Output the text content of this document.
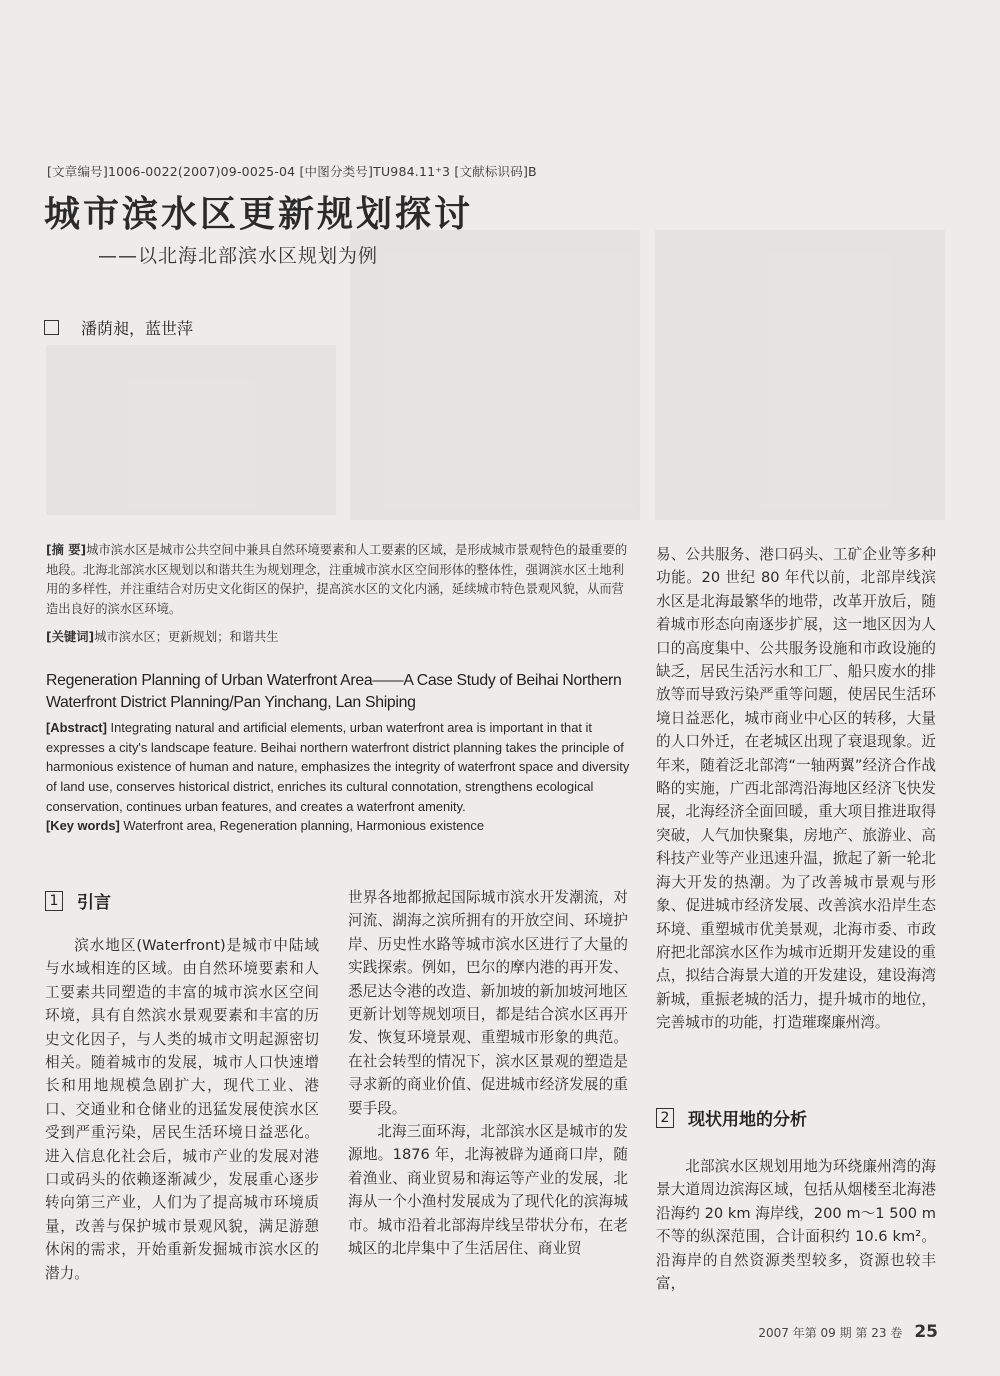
[文章编号]1006-0022(2007)09-0025-04 [中图分类号]TU984.11⁺3 [文献标识码]B
城市滨水区更新规划探讨
——以北海北部滨水区规划为例
潘荫昶，蓝世萍
[摘 要]城市滨水区是城市公共空间中兼具自然环境要素和人工要素的区域，是形成城市景观特色的最重要的地段。北海北部滨水区规划以和谐共生为规划理念，注重城市滨水区空间形体的整体性，强调滨水区土地利用的多样性，并注重结合对历史文化街区的保护，提高滨水区的文化内涵，延续城市特色景观风貌，从而营造出良好的滨水区环境。
[关键词]城市滨水区；更新规划；和谐共生
Regeneration Planning of Urban Waterfront Area——A Case Study of Beihai Northern Waterfront District Planning/Pan Yinchang, Lan Shiping
[Abstract] Integrating natural and artificial elements, urban waterfront area is important in that it expresses a city's landscape feature. Beihai northern waterfront district planning takes the principle of harmonious existence of human and nature, emphasizes the integrity of waterfront space and diversity of land use, conserves historical district, enriches its cultural connotation, strengthens ecological conservation, continues urban features, and creates a waterfront amenity.
[Key words] Waterfront area, Regeneration planning, Harmonious existence
1 引言

滨水地区(Waterfront)是城市中陆域与水域相连的区域。由自然环境要素和人工要素共同塑造的丰富的城市滨水区空间环境，具有自然滨水景观要素和丰富的历史文化因子，与人类的城市文明起源密切相关。随着城市的发展，城市人口快速增长和用地规模急剧扩大，现代工业、港口、交通业和仓储业的迅猛发展使滨水区受到严重污染，居民生活环境日益恶化。进入信息化社会后，城市产业的发展对港口或码头的依赖逐渐减少，发展重心逐步转向第三产业，人们为了提高城市环境质量，改善与保护城市景观风貌，满足游憩休闲的需求，开始重新发掘城市滨水区的潜力。

世界各地都掀起国际城市滨水开发潮流，对河流、湖海之滨所拥有的开放空间、环境护岸、历史性水路等城市滨水区进行了大量的实践探索。例如，巴尔的摩内港的再开发、悉尼达令港的改造、新加坡的新加坡河地区更新计划等规划项目，都是结合滨水区再开发、恢复环境景观、重塑城市形象的典范。在社会转型的情况下，滨水区景观的塑造是寻求新的商业价值、促进城市经济发展的重要手段。

北海三面环海，北部滨水区是城市的发源地。1876 年，北海被辟为通商口岸，随着渔业、商业贸易和海运等产业的发展，北海从一个小渔村发展成为了现代化的滨海城市。城市沿着北部海岸线呈带状分布，在老城区的北岸集中了生活居住、商业贸

易、公共服务、港口码头、工矿企业等多种功能。20 世纪 80 年代以前，北部岸线滨水区是北海最繁华的地带，改革开放后，随着城市形态向南逐步扩展，这一地区因为人口的高度集中、公共服务设施和市政设施的缺乏，居民生活污水和工厂、船只废水的排放等而导致污染严重等问题，使居民生活环境日益恶化，城市商业中心区的转移，大量的人口外迁，在老城区出现了衰退现象。近年来，随着泛北部湾“一轴两翼”经济合作战略的实施，广西北部湾沿海地区经济飞快发展，北海经济全面回暖，重大项目推进取得突破，人气加快聚集，房地产、旅游业、高科技产业等产业迅速升温，掀起了新一轮北海大开发的热潮。为了改善城市景观与形象、促进城市经济发展、改善滨水沿岸生态环境、重塑城市优美景观，北海市委、市政府把北部滨水区作为城市近期开发建设的重点，拟结合海景大道的开发建设，建设海湾新城，重振老城的活力，提升城市的地位，完善城市的功能，打造璀璨廉州湾。

2 现状用地的分析

北部滨水区规划用地为环绕廉州湾的海景大道周边滨海区域，包括从烟楼至北海港沿海约 20 km 海岸线，200 m～1 500 m 不等的纵深范围，合计面积约 10.6 km²。沿海岸的自然资源类型较多，资源也较丰富，

2007 年第 09 期 第 23 卷 25
